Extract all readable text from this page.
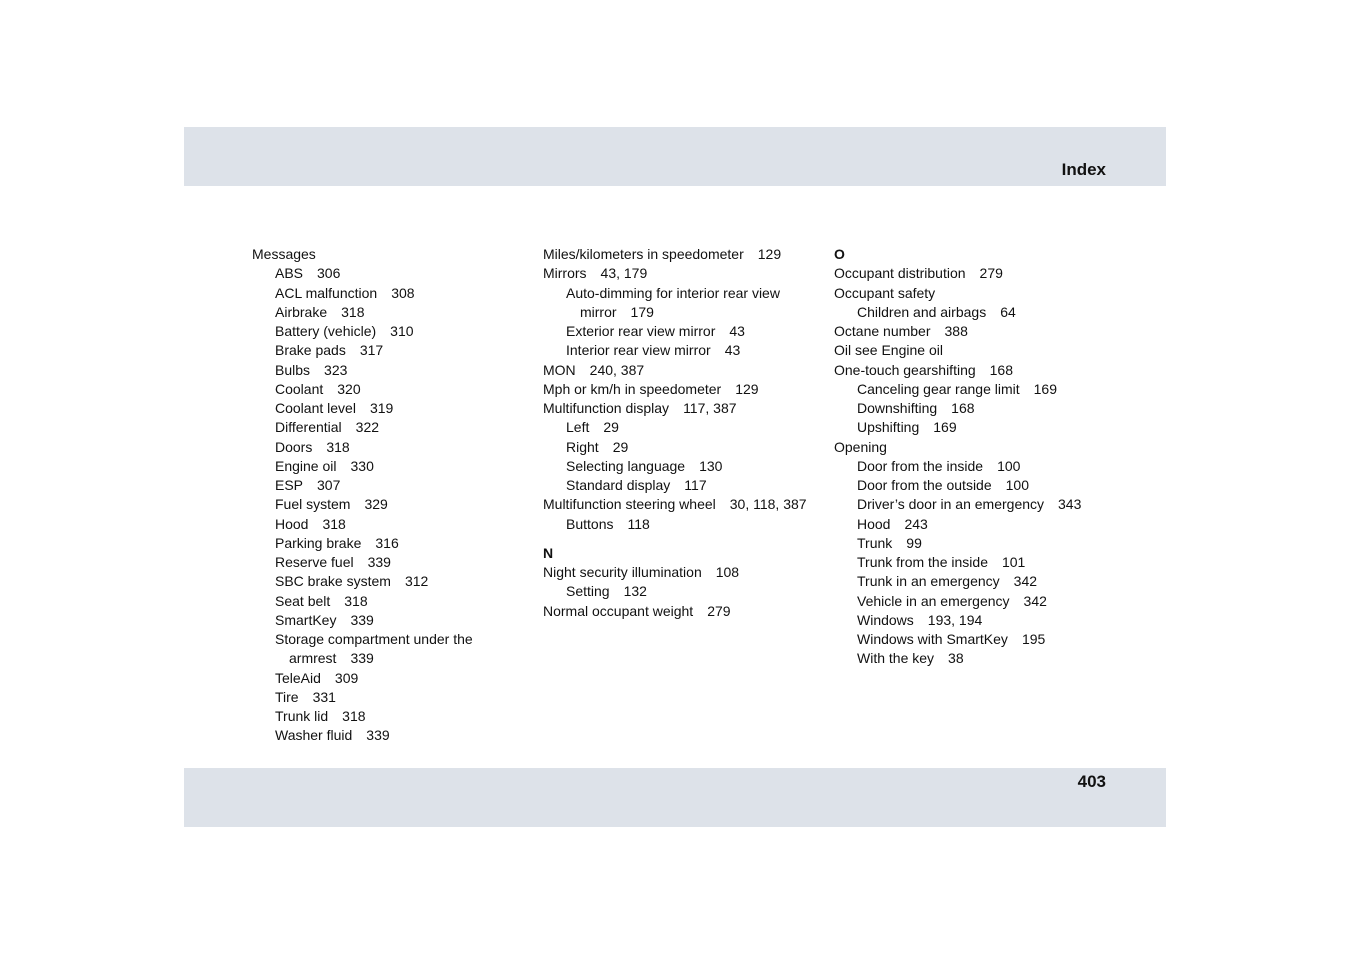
Index
Messages
ABS 306
ACL malfunction 308
Airbrake 318
Battery (vehicle) 310
Brake pads 317
Bulbs 323
Coolant 320
Coolant level 319
Differential 322
Doors 318
Engine oil 330
ESP 307
Fuel system 329
Hood 318
Parking brake 316
Reserve fuel 339
SBC brake system 312
Seat belt 318
SmartKey 339
Storage compartment under the armrest 339
TeleAid 309
Tire 331
Trunk lid 318
Washer fluid 339
Miles/kilometers in speedometer 129
Mirrors 43, 179
Auto-dimming for interior rear view mirror 179
Exterior rear view mirror 43
Interior rear view mirror 43
MON 240, 387
Mph or km/h in speedometer 129
Multifunction display 117, 387
Left 29
Right 29
Selecting language 130
Standard display 117
Multifunction steering wheel 30, 118, 387
Buttons 118
N
Night security illumination 108
Setting 132
Normal occupant weight 279
O
Occupant distribution 279
Occupant safety
Children and airbags 64
Octane number 388
Oil see Engine oil
One-touch gearshifting 168
Canceling gear range limit 169
Downshifting 168
Upshifting 169
Opening
Door from the inside 100
Door from the outside 100
Driver’s door in an emergency 343
Hood 243
Trunk 99
Trunk from the inside 101
Trunk in an emergency 342
Vehicle in an emergency 342
Windows 193, 194
Windows with SmartKey 195
With the key 38
403
